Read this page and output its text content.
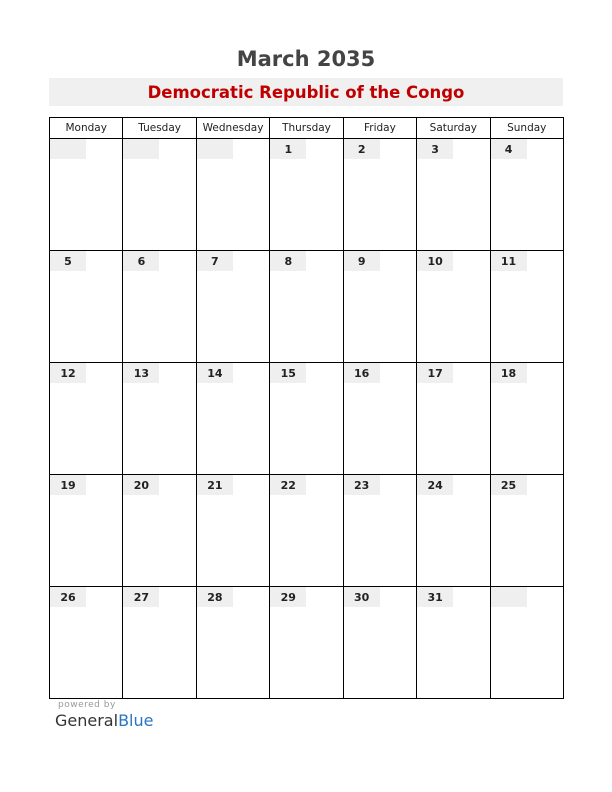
March 2035
Democratic Republic of the Congo
Monday	Tuesday	Wednesday	Thursday	Friday	Saturday	Sunday

			1	2	3	4

5	6	7	8	9	10	11

12	13	14	15	16	17	18

19	20	21	22	23	24	25

26	27	28	29	30	31	

powered by
GeneralBlue
